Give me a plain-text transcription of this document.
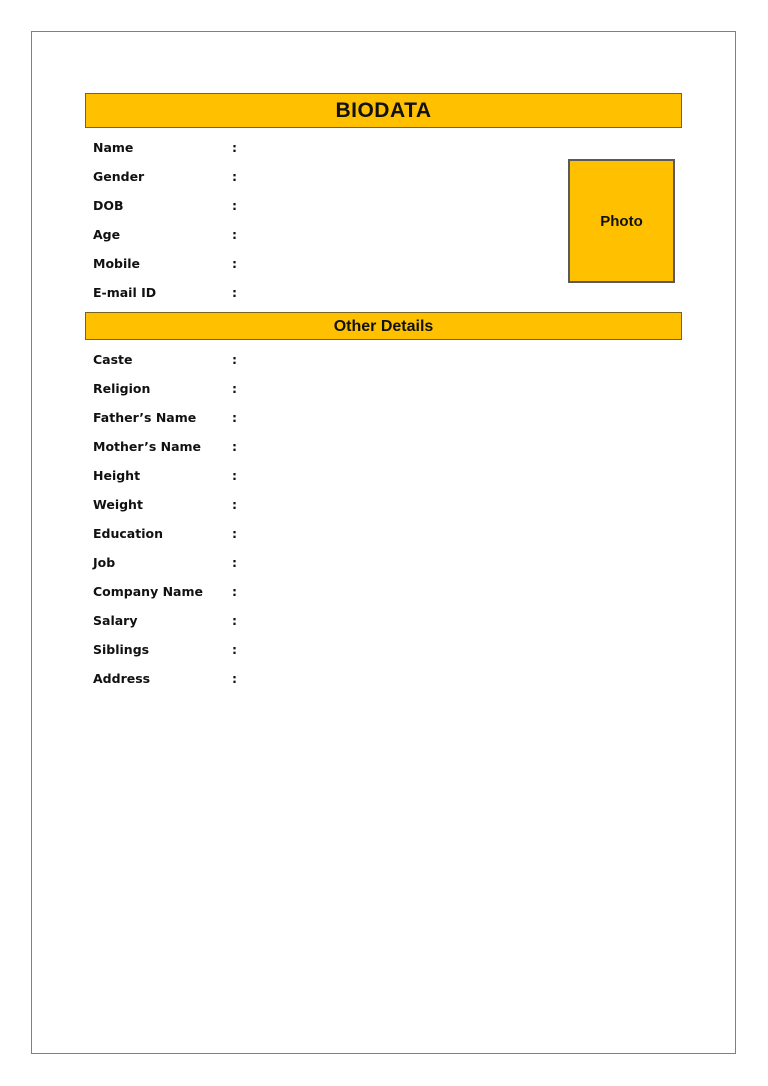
BIODATA
Name	:
Gender	:
DOB	:
Age	:
Mobile	:
E-mail ID	:
Photo
Other Details
Caste	:
Religion	:
Father’s Name	:
Mother’s Name :
Height	:
Weight	:
Education	:
Job	:
Company Name :
Salary	:
Siblings	:
Address	:
